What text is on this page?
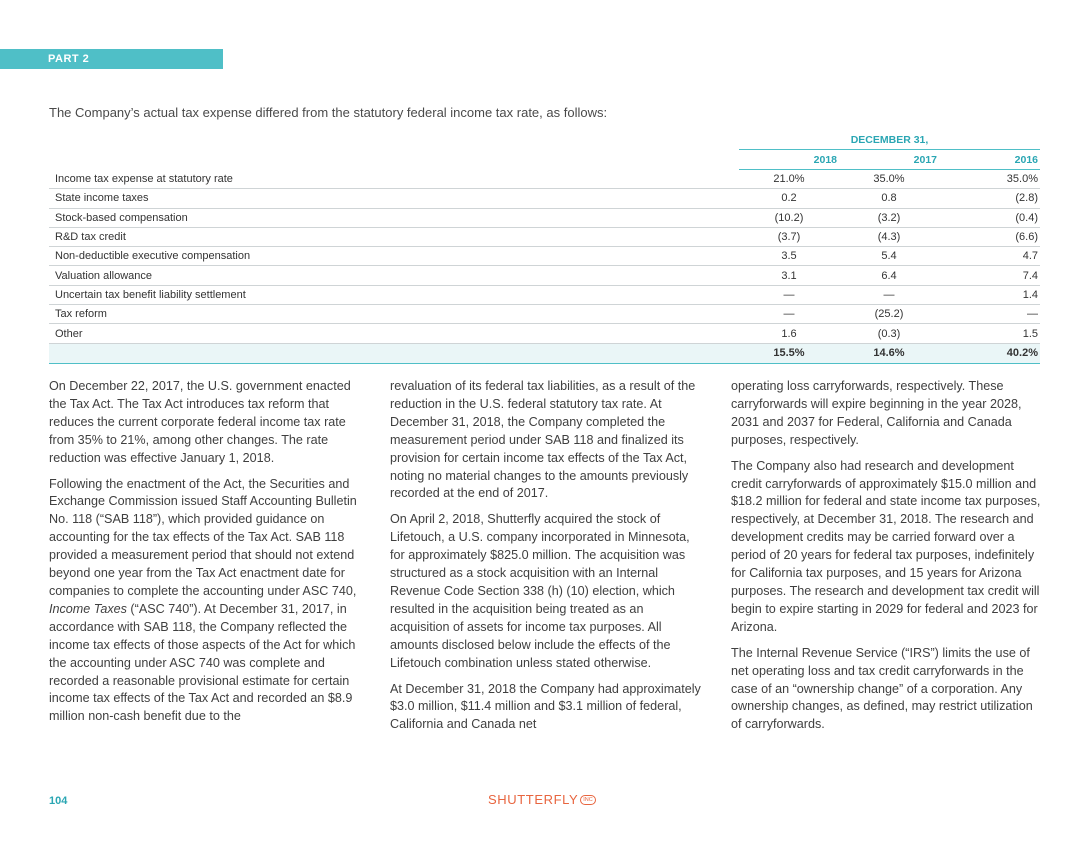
PART 2
The Company’s actual tax expense differed from the statutory federal income tax rate, as follows:
	DECEMBER 31,		
	2018	2017	2016
Income tax expense at statutory rate	21.0%	35.0%	35.0%
State income taxes	0.2	0.8	(2.8)
Stock-based compensation	(10.2)	(3.2)	(0.4)
R&D tax credit	(3.7)	(4.3)	(6.6)
Non-deductible executive compensation	3.5	5.4	4.7
Valuation allowance	3.1	6.4	7.4
Uncertain tax benefit liability settlement	—	—	1.4
Tax reform	—	(25.2)	—
Other	1.6	(0.3)	1.5
	15.5%	14.6%	40.2%

On December 22, 2017, the U.S. government enacted the Tax Act. The Tax Act introduces tax reform that reduces the current corporate federal income tax rate from 35% to 21%, among other changes. The rate reduction was effective January 1, 2018.

Following the enactment of the Act, the Securities and Exchange Commission issued Staff Accounting Bulletin No. 118 (“SAB 118”), which provided guidance on accounting for the tax effects of the Tax Act. SAB 118 provided a measurement period that should not extend beyond one year from the Tax Act enactment date for companies to complete the accounting under ASC 740, Income Taxes (“ASC 740”). At December 31, 2017, in accordance with SAB 118, the Company reflected the income tax effects of those aspects of the Act for which the accounting under ASC 740 was complete and recorded a reasonable provisional estimate for certain income tax effects of the Tax Act and recorded an $8.9 million non-cash benefit due to the

revaluation of its federal tax liabilities, as a result of the reduction in the U.S. federal statutory tax rate. At December 31, 2018, the Company completed the measurement period under SAB 118 and finalized its provision for certain income tax effects of the Tax Act, noting no material changes to the amounts previously recorded at the end of 2017.

On April 2, 2018, Shutterfly acquired the stock of Lifetouch, a U.S. company incorporated in Minnesota, for approximately $825.0 million. The acquisition was structured as a stock acquisition with an Internal Revenue Code Section 338 (h) (10) election, which resulted in the acquisition being treated as an acquisition of assets for income tax purposes. All amounts disclosed below include the effects of the Lifetouch combination unless stated otherwise.

At December 31, 2018 the Company had approximately $3.0 million, $11.4 million and $3.1 million of federal, California and Canada net

operating loss carryforwards, respectively. These carryforwards will expire beginning in the year 2028, 2031 and 2037 for Federal, California and Canada purposes, respectively.

The Company also had research and development credit carryforwards of approximately $15.0 million and $18.2 million for federal and state income tax purposes, respectively, at December 31, 2018. The research and development credits may be carried forward over a period of 20 years for federal tax purposes, indefinitely for California tax purposes, and 15 years for Arizona purposes. The research and development tax credit will begin to expire starting in 2029 for federal and 2023 for Arizona.

The Internal Revenue Service (“IRS”) limits the use of net operating loss and tax credit carryforwards in the case of an “ownership change” of a corporation. Any ownership changes, as defined, may restrict utilization of carryforwards.

104	SHUTTERFLY INC
